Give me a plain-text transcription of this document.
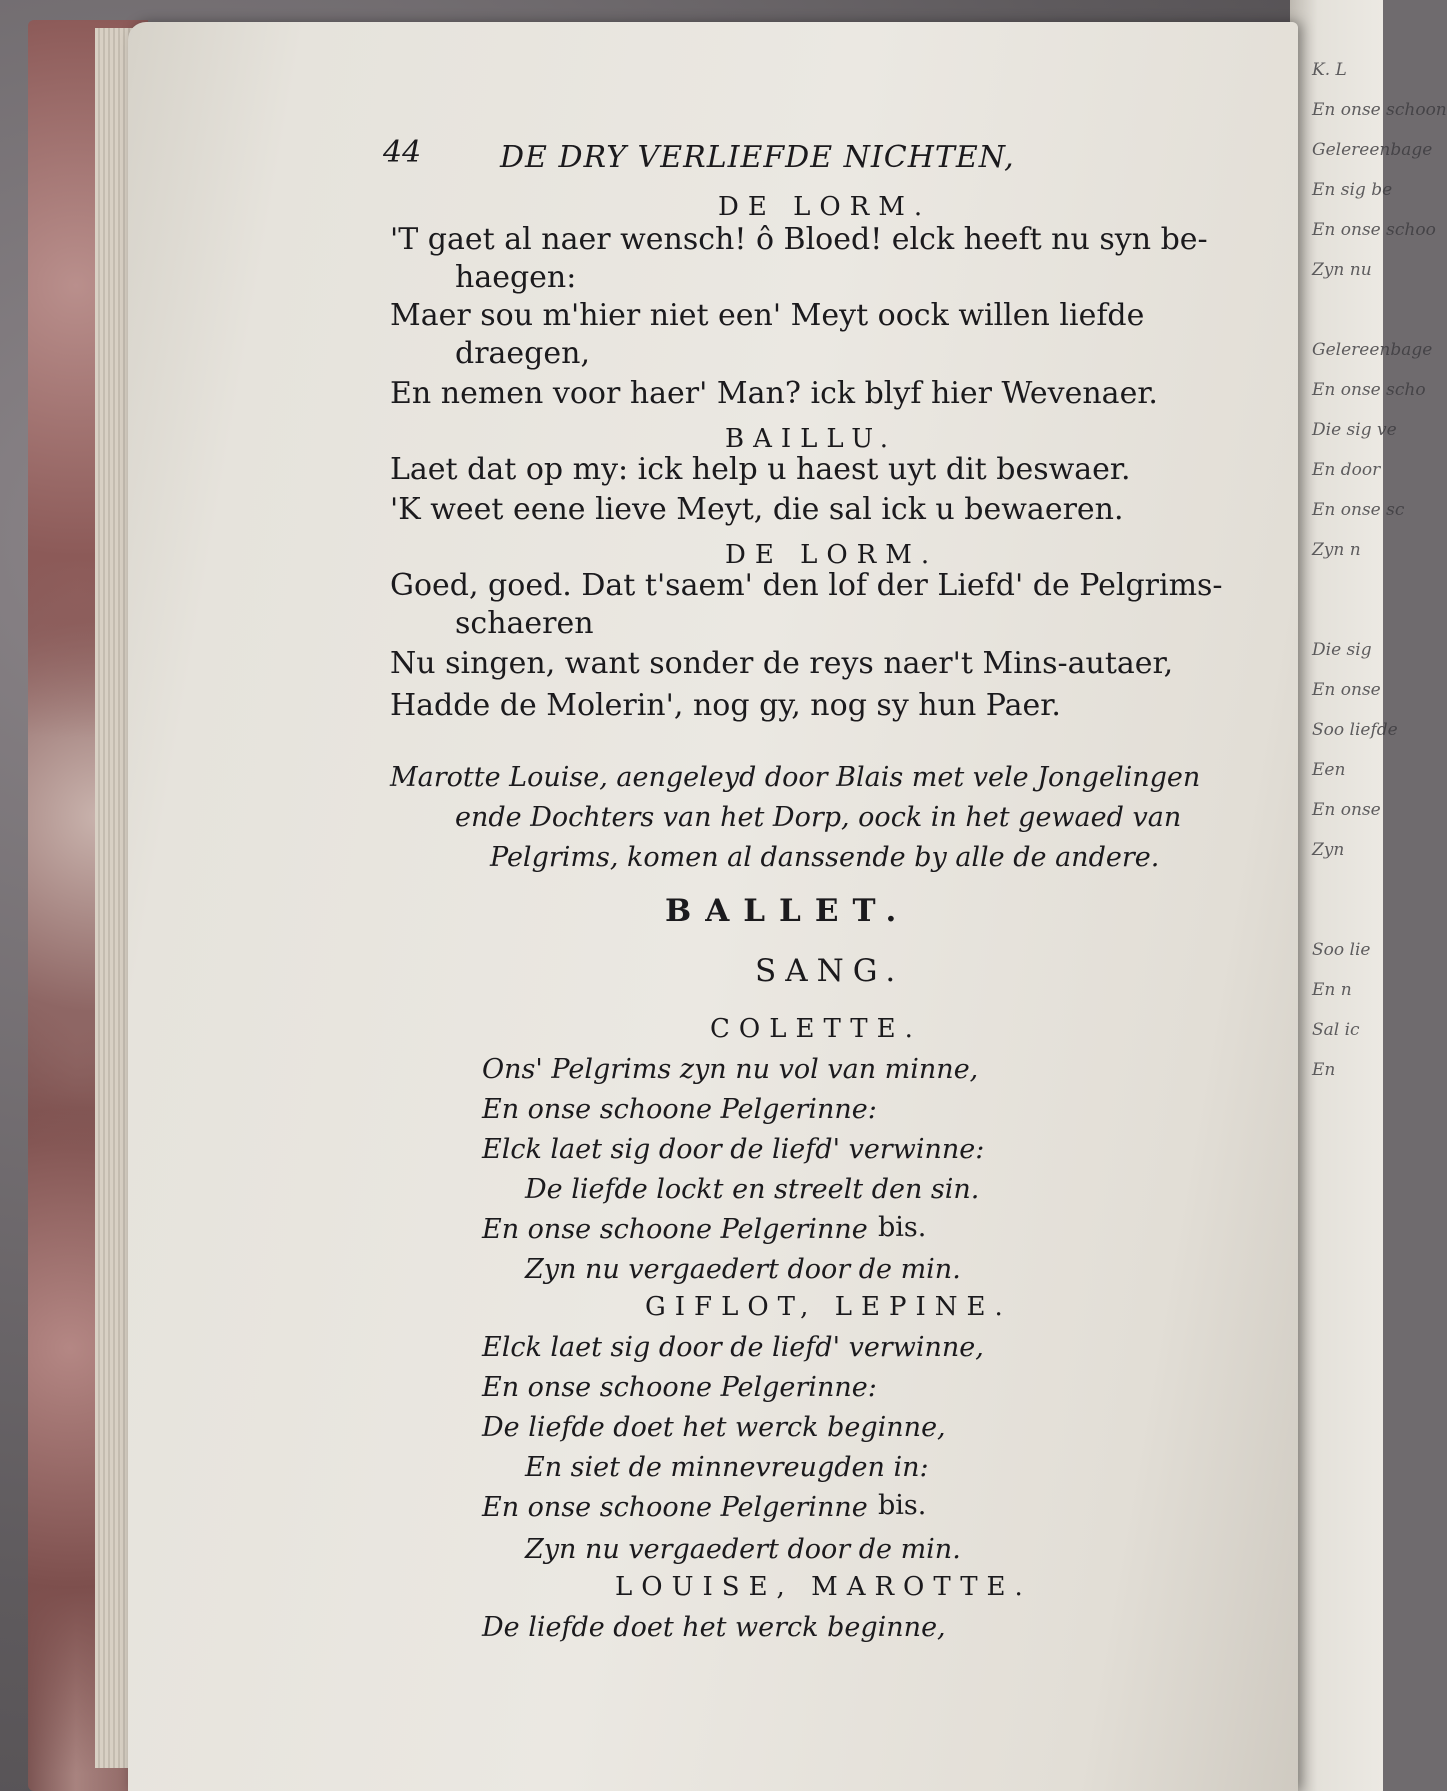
K. L
En onse schoon
Gelereenbage
En sig be
En onse schoo
Zyn nu
Gelereenbage
En onse scho
Die sig ve
En door
En onse sc
Zyn n
Die sig
En onse
Soo liefde
Een
En onse
Zyn
Soo lie
En n
Sal ic
En
44	DE DRY VERLIEFDE NICHTEN,
DE LORM.
'T gaet al naer wensch! ô Bloed! elck heeft nu syn be-
haegen:
Maer sou m'hier niet een' Meyt oock willen liefde
draegen,
En nemen voor haer' Man? ick blyf hier Wevenaer.
BAILLU.
Laet dat op my: ick help u haest uyt dit beswaer.
'K weet eene lieve Meyt, die sal ick u bewaeren.
DE LORM.
Goed, goed. Dat t'saem' den lof der Liefd' de Pelgrims-
schaeren
Nu singen, want sonder de reys naer't Mins-autaer,
Hadde de Molerin', nog gy, nog sy hun Paer.
Marotte Louise, aengeleyd door Blais met vele Jongelingen
ende Dochters van het Dorp, oock in het gewaed van
Pelgrims, komen al danssende by alle de andere.
BALLET.
SANG.
COLETTE.
Ons' Pelgrims zyn nu vol van minne,
En onse schoone Pelgerinne:
Elck laet sig door de liefd' verwinne:
De liefde lockt en streelt den sin.
En onse schoone Pelgerinne bis.
Zyn nu vergaedert door de min.
GIFLOT, LEPINE.
Elck laet sig door de liefd' verwinne,
En onse schoone Pelgerinne:
De liefde doet het werck beginne,
En siet de minnevreugden in:
En onse schoone Pelgerinne bis.
Zyn nu vergaedert door de min.
LOUISE, MAROTTE.
De liefde doet het werck beginne,
